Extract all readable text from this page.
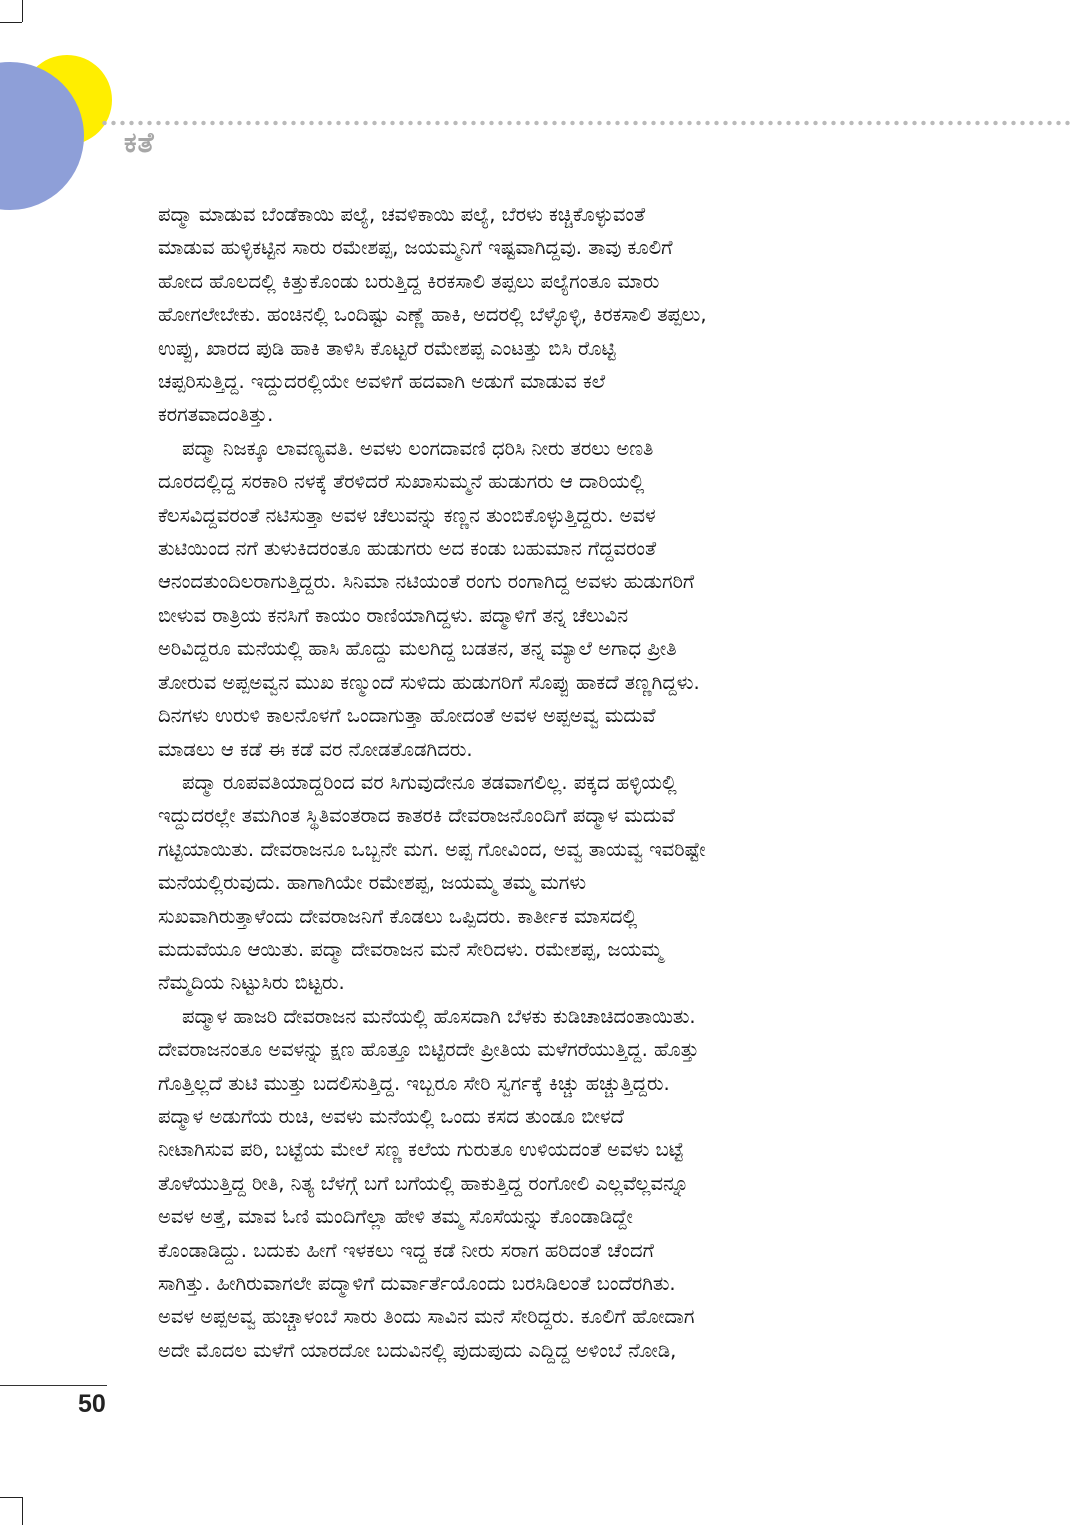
ಕತೆ
ಪದ್ಮಾ ಮಾಡುವ ಬೆಂಡೆಕಾಯಿ ಪಲ್ಯೆ, ಚವಳಿಕಾಯಿ ಪಲ್ಯೆ, ಬೆರಳು ಕಚ್ಚಿಕೊಳ್ಳುವಂತೆ
ಮಾಡುವ ಹುಳ್ಳಿಕಟ್ಟಿನ ಸಾರು ರಮೇಶಪ್ಪ, ಜಯಮ್ಮನಿಗೆ ಇಷ್ಟವಾಗಿದ್ದವು. ತಾವು ಕೂಲಿಗೆ
ಹೋದ ಹೊಲದಲ್ಲಿ ಕಿತ್ತುಕೊಂಡು ಬರುತ್ತಿದ್ದ ಕಿರಕಸಾಲಿ ತಪ್ಪಲು ಪಲ್ಯೆಗಂತೂ ಮಾರು
ಹೋಗಲೇಬೇಕು. ಹಂಚಿನಲ್ಲಿ ಒಂದಿಷ್ಟು ಎಣ್ಣೆ ಹಾಕಿ, ಅದರಲ್ಲಿ ಬೆಳ್ಳೊಳ್ಳಿ, ಕಿರಕಸಾಲಿ ತಪ್ಪಲು,
ಉಪ್ಪು, ಖಾರದ ಪುಡಿ ಹಾಕಿ ತಾಳಿಸಿ ಕೊಟ್ಟರೆ ರಮೇಶಪ್ಪ ಎಂಟತ್ತು ಬಿಸಿ ರೊಟ್ಟಿ
ಚಪ್ಪರಿಸುತ್ತಿದ್ದ. ಇದ್ದುದರಲ್ಲಿಯೇ ಅವಳಿಗೆ ಹದವಾಗಿ ಅಡುಗೆ ಮಾಡುವ ಕಲೆ
ಕರಗತವಾದಂತಿತ್ತು.
ಪದ್ಮಾ ನಿಜಕ್ಕೂ ಲಾವಣ್ಯವತಿ. ಅವಳು ಲಂಗದಾವಣಿ ಧರಿಸಿ ನೀರು ತರಲು ಅಣತಿ
ದೂರದಲ್ಲಿದ್ದ ಸರಕಾರಿ ನಳಕ್ಕೆ ತೆರಳಿದರೆ ಸುಖಾಸುಮ್ಮನೆ ಹುಡುಗರು ಆ ದಾರಿಯಲ್ಲಿ
ಕೆಲಸವಿದ್ದವರಂತೆ ನಟಿಸುತ್ತಾ ಅವಳ ಚೆಲುವನ್ನು ಕಣ್ಣನ ತುಂಬಿಕೊಳ್ಳುತ್ತಿದ್ದರು. ಅವಳ
ತುಟಿಯಿಂದ ನಗೆ ತುಳುಕಿದರಂತೂ ಹುಡುಗರು ಅದ ಕಂಡು ಬಹುಮಾನ ಗೆದ್ದವರಂತೆ
ಆನಂದತುಂದಿಲರಾಗುತ್ತಿದ್ದರು. ಸಿನಿಮಾ ನಟಿಯಂತೆ ರಂಗು ರಂಗಾಗಿದ್ದ ಅವಳು ಹುಡುಗರಿಗೆ
ಬೀಳುವ ರಾತ್ರಿಯ ಕನಸಿಗೆ ಕಾಯಂ ರಾಣಿಯಾಗಿದ್ದಳು. ಪದ್ಮಾಳಿಗೆ ತನ್ನ ಚೆಲುವಿನ
ಅರಿವಿದ್ದರೂ ಮನೆಯಲ್ಲಿ ಹಾಸಿ ಹೊದ್ದು ಮಲಗಿದ್ದ ಬಡತನ, ತನ್ನ ಮ್ಯಾಲೆ ಅಗಾಧ ಪ್ರೀತಿ
ತೋರುವ ಅಪ್ಪಅವ್ವನ ಮುಖ ಕಣ್ಮುಂದೆ ಸುಳಿದು ಹುಡುಗರಿಗೆ ಸೊಪ್ಪು ಹಾಕದೆ ತಣ್ಣಗಿದ್ದಳು.
ದಿನಗಳು ಉರುಳಿ ಕಾಲನೊಳಗೆ ಒಂದಾಗುತ್ತಾ ಹೋದಂತೆ ಅವಳ ಅಪ್ಪಅವ್ವ ಮದುವೆ
ಮಾಡಲು ಆ ಕಡೆ ಈ ಕಡೆ ವರ ನೋಡತೊಡಗಿದರು.
ಪದ್ಮಾ ರೂಪವತಿಯಾದ್ದರಿಂದ ವರ ಸಿಗುವುದೇನೂ ತಡವಾಗಲಿಲ್ಲ. ಪಕ್ಕದ ಹಳ್ಳಿಯಲ್ಲಿ
ಇದ್ದುದರಲ್ಲೇ ತಮಗಿಂತ ಸ್ಥಿತಿವಂತರಾದ ಕಾತರಕಿ ದೇವರಾಜನೊಂದಿಗೆ ಪದ್ಮಾಳ ಮದುವೆ
ಗಟ್ಟಿಯಾಯಿತು. ದೇವರಾಜನೂ ಒಬ್ಬನೇ ಮಗ. ಅಪ್ಪ ಗೋವಿಂದ, ಅವ್ವ ತಾಯವ್ವ ಇವರಿಷ್ಟೇ
ಮನೆಯಲ್ಲಿರುವುದು. ಹಾಗಾಗಿಯೇ ರಮೇಶಪ್ಪ, ಜಯಮ್ಮ ತಮ್ಮ ಮಗಳು
ಸುಖವಾಗಿರುತ್ತಾಳೆಂದು ದೇವರಾಜನಿಗೆ ಕೊಡಲು ಒಪ್ಪಿದರು. ಕಾರ್ತೀಕ ಮಾಸದಲ್ಲಿ
ಮದುವೆಯೂ ಆಯಿತು. ಪದ್ಮಾ ದೇವರಾಜನ ಮನೆ ಸೇರಿದಳು. ರಮೇಶಪ್ಪ, ಜಯಮ್ಮ
ನೆಮ್ಮದಿಯ ನಿಟ್ಟುಸಿರು ಬಿಟ್ಟರು.
ಪದ್ಮಾಳ ಹಾಜರಿ ದೇವರಾಜನ ಮನೆಯಲ್ಲಿ ಹೊಸದಾಗಿ ಬೆಳಕು ಕುಡಿಚಾಚಿದಂತಾಯಿತು.
ದೇವರಾಜನಂತೂ ಅವಳನ್ನು ಕ್ಷಣ ಹೊತ್ತೂ ಬಿಟ್ಟಿರದೇ ಪ್ರೀತಿಯ ಮಳೆಗರೆಯುತ್ತಿದ್ದ. ಹೊತ್ತು
ಗೊತ್ತಿಲ್ಲದೆ ತುಟಿ ಮುತ್ತು ಬದಲಿಸುತ್ತಿದ್ದ. ಇಬ್ಬರೂ ಸೇರಿ ಸ್ವರ್ಗಕ್ಕೆ ಕಿಚ್ಚು ಹಚ್ಚುತ್ತಿದ್ದರು.
ಪದ್ಮಾಳ ಅಡುಗೆಯ ರುಚಿ, ಅವಳು ಮನೆಯಲ್ಲಿ ಒಂದು ಕಸದ ತುಂಡೂ ಬೀಳದೆ
ನೀಟಾಗಿಸುವ ಪರಿ, ಬಟ್ಟೆಯ ಮೇಲೆ ಸಣ್ಣ ಕಲೆಯ ಗುರುತೂ ಉಳಿಯದಂತೆ ಅವಳು ಬಟ್ಟೆ
ತೊಳೆಯುತ್ತಿದ್ದ ರೀತಿ, ನಿತ್ಯ ಬೆಳಗ್ಗೆ ಬಗೆ ಬಗೆಯಲ್ಲಿ ಹಾಕುತ್ತಿದ್ದ ರಂಗೋಲಿ ಎಲ್ಲವೆಲ್ಲವನ್ನೂ
ಅವಳ ಅತ್ತೆ, ಮಾವ ಓಣಿ ಮಂದಿಗೆಲ್ಲಾ ಹೇಳಿ ತಮ್ಮ ಸೊಸೆಯನ್ನು ಕೊಂಡಾಡಿದ್ದೇ
ಕೊಂಡಾಡಿದ್ದು. ಬದುಕು ಹೀಗೆ ಇಳಕಲು ಇದ್ದ ಕಡೆ ನೀರು ಸರಾಗ ಹರಿದಂತೆ ಚೆಂದಗೆ
ಸಾಗಿತ್ತು. ಹೀಗಿರುವಾಗಲೇ ಪದ್ಮಾಳಿಗೆ ದುರ್ವಾರ್ತೆಯೊಂದು ಬರಸಿಡಿಲಂತೆ ಬಂದೆರಗಿತು.
ಅವಳ ಅಪ್ಪಅವ್ವ ಹುಚ್ಚಾಳಂಬೆ ಸಾರು ತಿಂದು ಸಾವಿನ ಮನೆ ಸೇರಿದ್ದರು. ಕೂಲಿಗೆ ಹೋದಾಗ
ಅದೇ ಮೊದಲ ಮಳೆಗೆ ಯಾರದೋ ಬದುವಿನಲ್ಲಿ ಪುದುಪುದು ಎದ್ದಿದ್ದ ಅಳಿಂಬೆ ನೋಡಿ,
50
